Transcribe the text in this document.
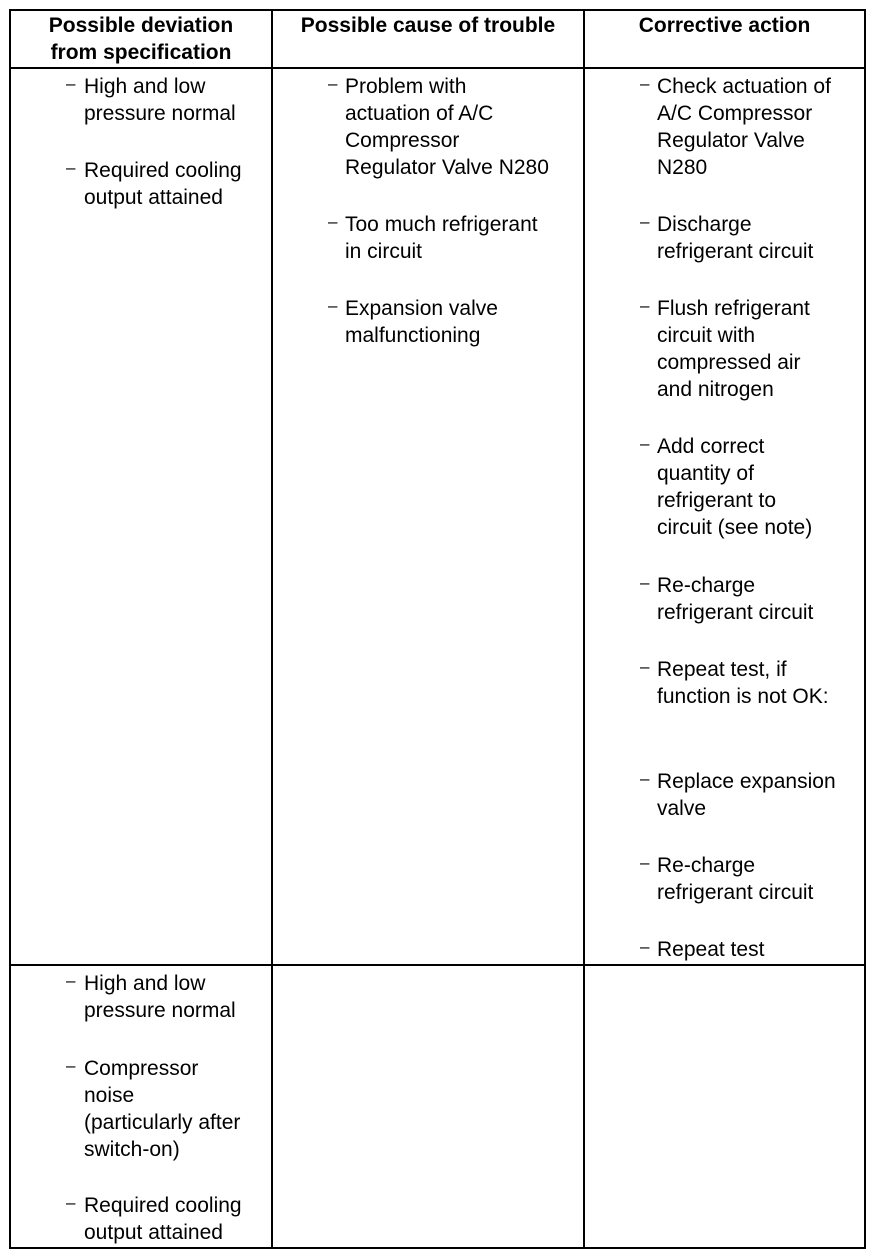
Possible deviation
from specification
Possible cause of trouble	Corrective action
– High and low
pressure normal
– Required cooling
output attained
– Problem with
actuation of A/C
Compressor
Regulator Valve N280
– Too much refrigerant
in circuit
– Expansion valve
malfunctioning
– Check actuation of
A/C Compressor
Regulator Valve
N280
– Discharge
refrigerant circuit
– Flush refrigerant
circuit with
compressed air
and nitrogen
– Add correct
quantity of
refrigerant to
circuit (see note)
– Re-charge
refrigerant circuit
– Repeat test, if
function is not OK:
– Replace expansion
valve
– Re-charge
refrigerant circuit
– Repeat test
– High and low
pressure normal
– Compressor
noise
(particularly after
switch-on)
– Required cooling
output attained
